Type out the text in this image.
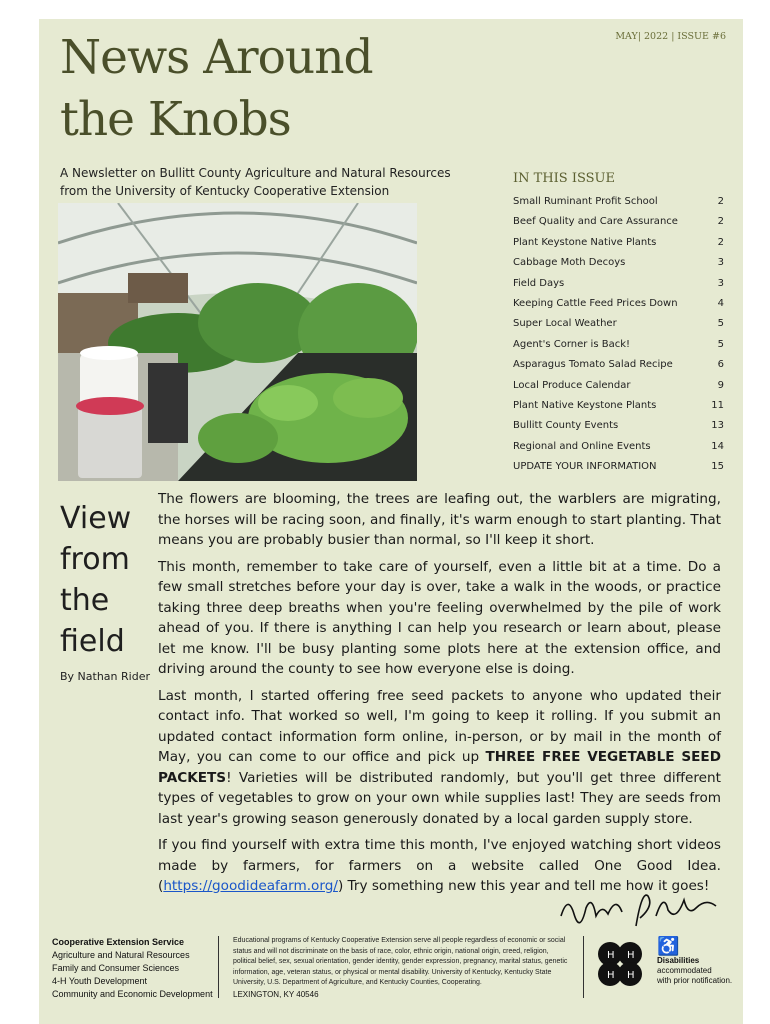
News Around
the Knobs
MAY| 2022 | ISSUE #6
A Newsletter on Bullitt County Agriculture and Natural Resources
from the University of Kentucky Cooperative Extension
IN THIS ISSUE
Small Ruminant Profit School	2
Beef Quality and Care Assurance	2
Plant Keystone Native Plants	2
Cabbage Moth Decoys	3
Field Days	3
Keeping Cattle Feed Prices Down	4
Super Local Weather	5
Agent's Corner is Back!	5
Asparagus Tomato Salad Recipe	6
Local Produce Calendar	9
Plant Native Keystone Plants	11
Bullitt County Events	13
Regional and Online Events	14
UPDATE YOUR INFORMATION	15
View
from
the
field
By Nathan Rider

The flowers are blooming, the trees are leafing out, the warblers are migrating, the horses will be racing soon, and finally, it's warm enough to start planting. That means you are probably busier than normal, so I'll keep it short.

This month, remember to take care of yourself, even a little bit at a time. Do a few small stretches before your day is over, take a walk in the woods, or practice taking three deep breaths when you're feeling overwhelmed by the pile of work ahead of you. If there is anything I can help you research or learn about, please let me know. I'll be busy planting some plots here at the extension office, and driving around the county to see how everyone else is doing.

Last month, I started offering free seed packets to anyone who updated their contact info. That worked so well, I'm going to keep it rolling. If you submit an updated contact information form online, in-person, or by mail in the month of May, you can come to our office and pick up THREE FREE VEGETABLE SEED PACKETS! Varieties will be distributed randomly, but you'll get three different types of vegetables to grow on your own while supplies last! They are seeds from last year's growing season generously donated by a local garden supply store.

If you find yourself with extra time this month, I've enjoyed watching short videos made by farmers, for farmers on a website called One Good Idea. (https://goodideafarm.org/) Try something new this year and tell me how it goes!

Cooperative Extension Service
Agriculture and Natural Resources
Family and Consumer Sciences
4-H Youth Development
Community and Economic Development
Educational programs of Kentucky Cooperative Extension serve all people regardless of economic or social status and will not discriminate on the basis of race, color, ethnic origin, national origin, creed, religion, political belief, sex, sexual orientation, gender identity, gender expression, pregnancy, marital status, genetic information, age, veteran status, or physical or mental disability. University of Kentucky, Kentucky State University, U.S. Department of Agriculture, and Kentucky Counties, Cooperating.
LEXINGTON, KY 40546
H H
H H
♿
Disabilities
accommodated
with prior notification.
